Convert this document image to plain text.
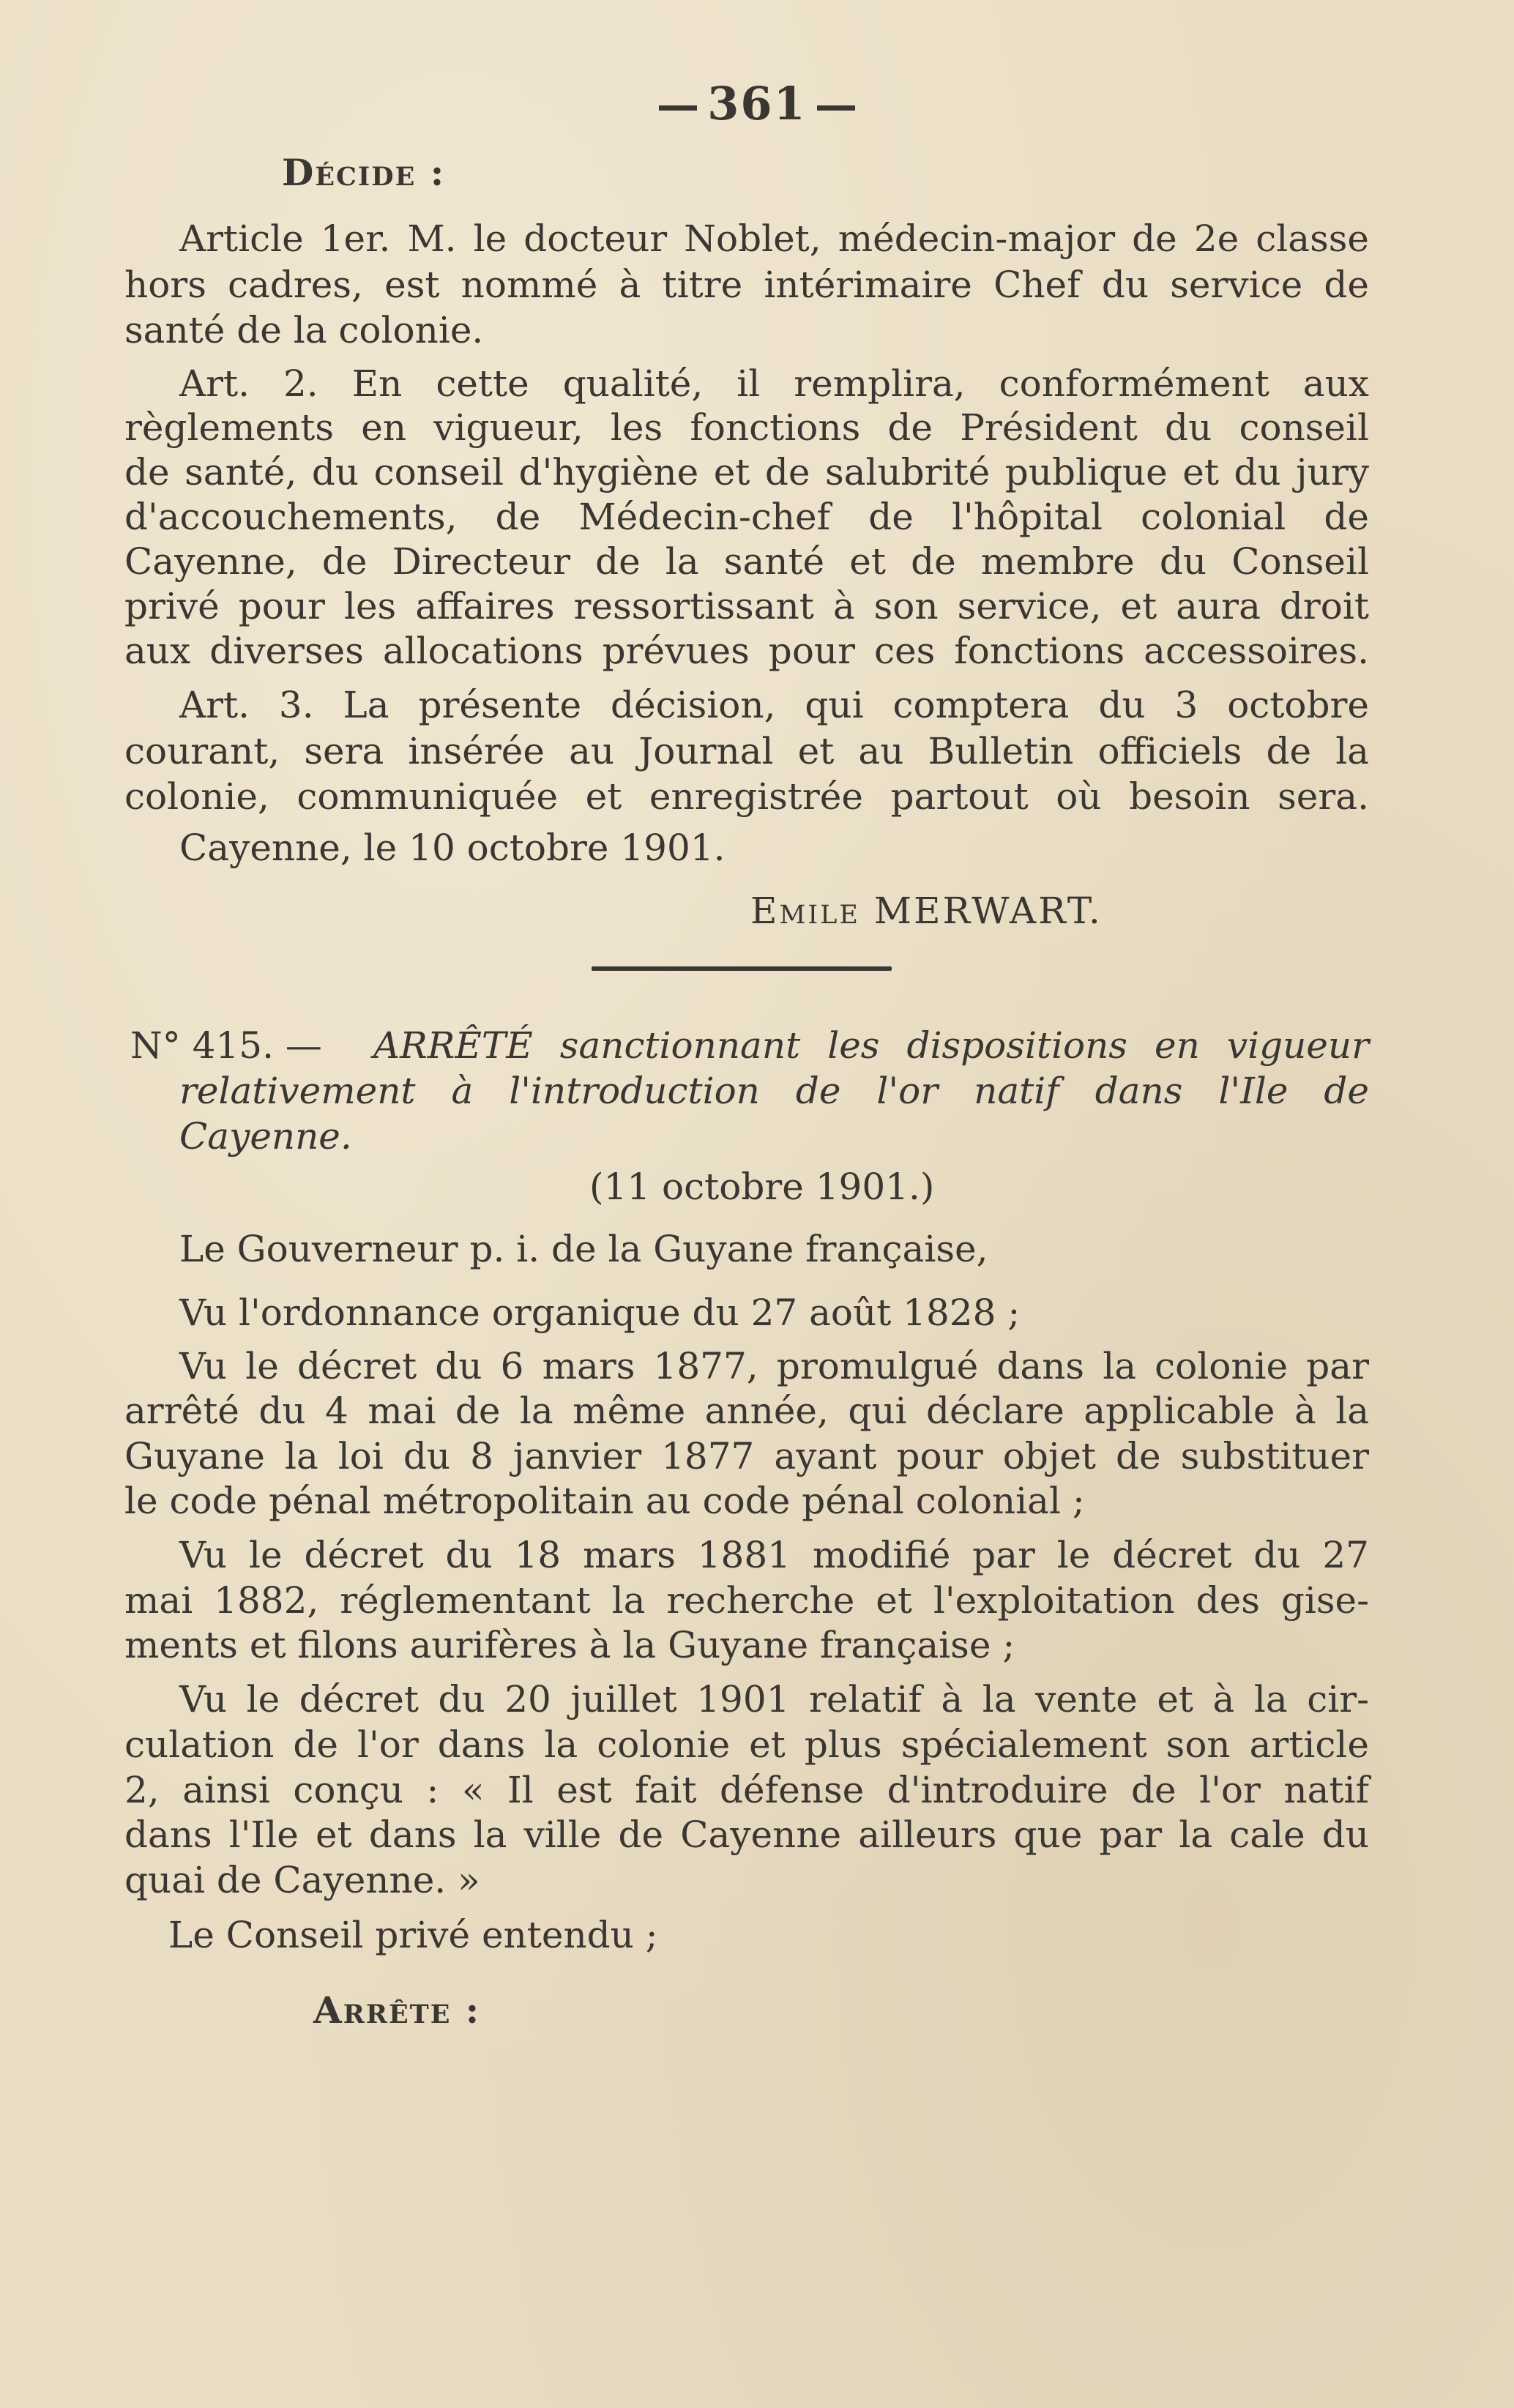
361
Décide :
Article 1er. M. le docteur Noblet, médecin-major de 2e classe
hors cadres, est nommé à titre intérimaire Chef du service de
santé de la colonie.
Art. 2. En cette qualité, il remplira, conformément aux
règlements en vigueur, les fonctions de Président du conseil
de santé, du conseil d'hygiène et de salubrité publique et du jury
d'accouchements, de Médecin-chef de l'hôpital colonial de
Cayenne, de Directeur de la santé et de membre du Conseil
privé pour les affaires ressortissant à son service, et aura droit
aux diverses allocations prévues pour ces fonctions accessoires.
Art. 3. La présente décision, qui comptera du 3 octobre
courant, sera insérée au Journal et au Bulletin officiels de la
colonie, communiquée et enregistrée partout où besoin sera.
Cayenne, le 10 octobre 1901.
Emile MERWART.
N° 415. — ARRÊTÉ sanctionnant les dispositions en vigueur
relativement à l'introduction de l'or natif dans l'Ile de
Cayenne.
(11 octobre 1901.)
Le Gouverneur p. i. de la Guyane française,
Vu l'ordonnance organique du 27 août 1828 ;
Vu le décret du 6 mars 1877, promulgué dans la colonie par
arrêté du 4 mai de la même année, qui déclare applicable à la
Guyane la loi du 8 janvier 1877 ayant pour objet de substituer
le code pénal métropolitain au code pénal colonial ;
Vu le décret du 18 mars 1881 modifié par le décret du 27
mai 1882, réglementant la recherche et l'exploitation des gise-
ments et filons aurifères à la Guyane française ;
Vu le décret du 20 juillet 1901 relatif à la vente et à la cir-
culation de l'or dans la colonie et plus spécialement son article
2, ainsi conçu : « Il est fait défense d'introduire de l'or natif
dans l'Ile et dans la ville de Cayenne ailleurs que par la cale du
quai de Cayenne. »
Le Conseil privé entendu ;
Arrête :
